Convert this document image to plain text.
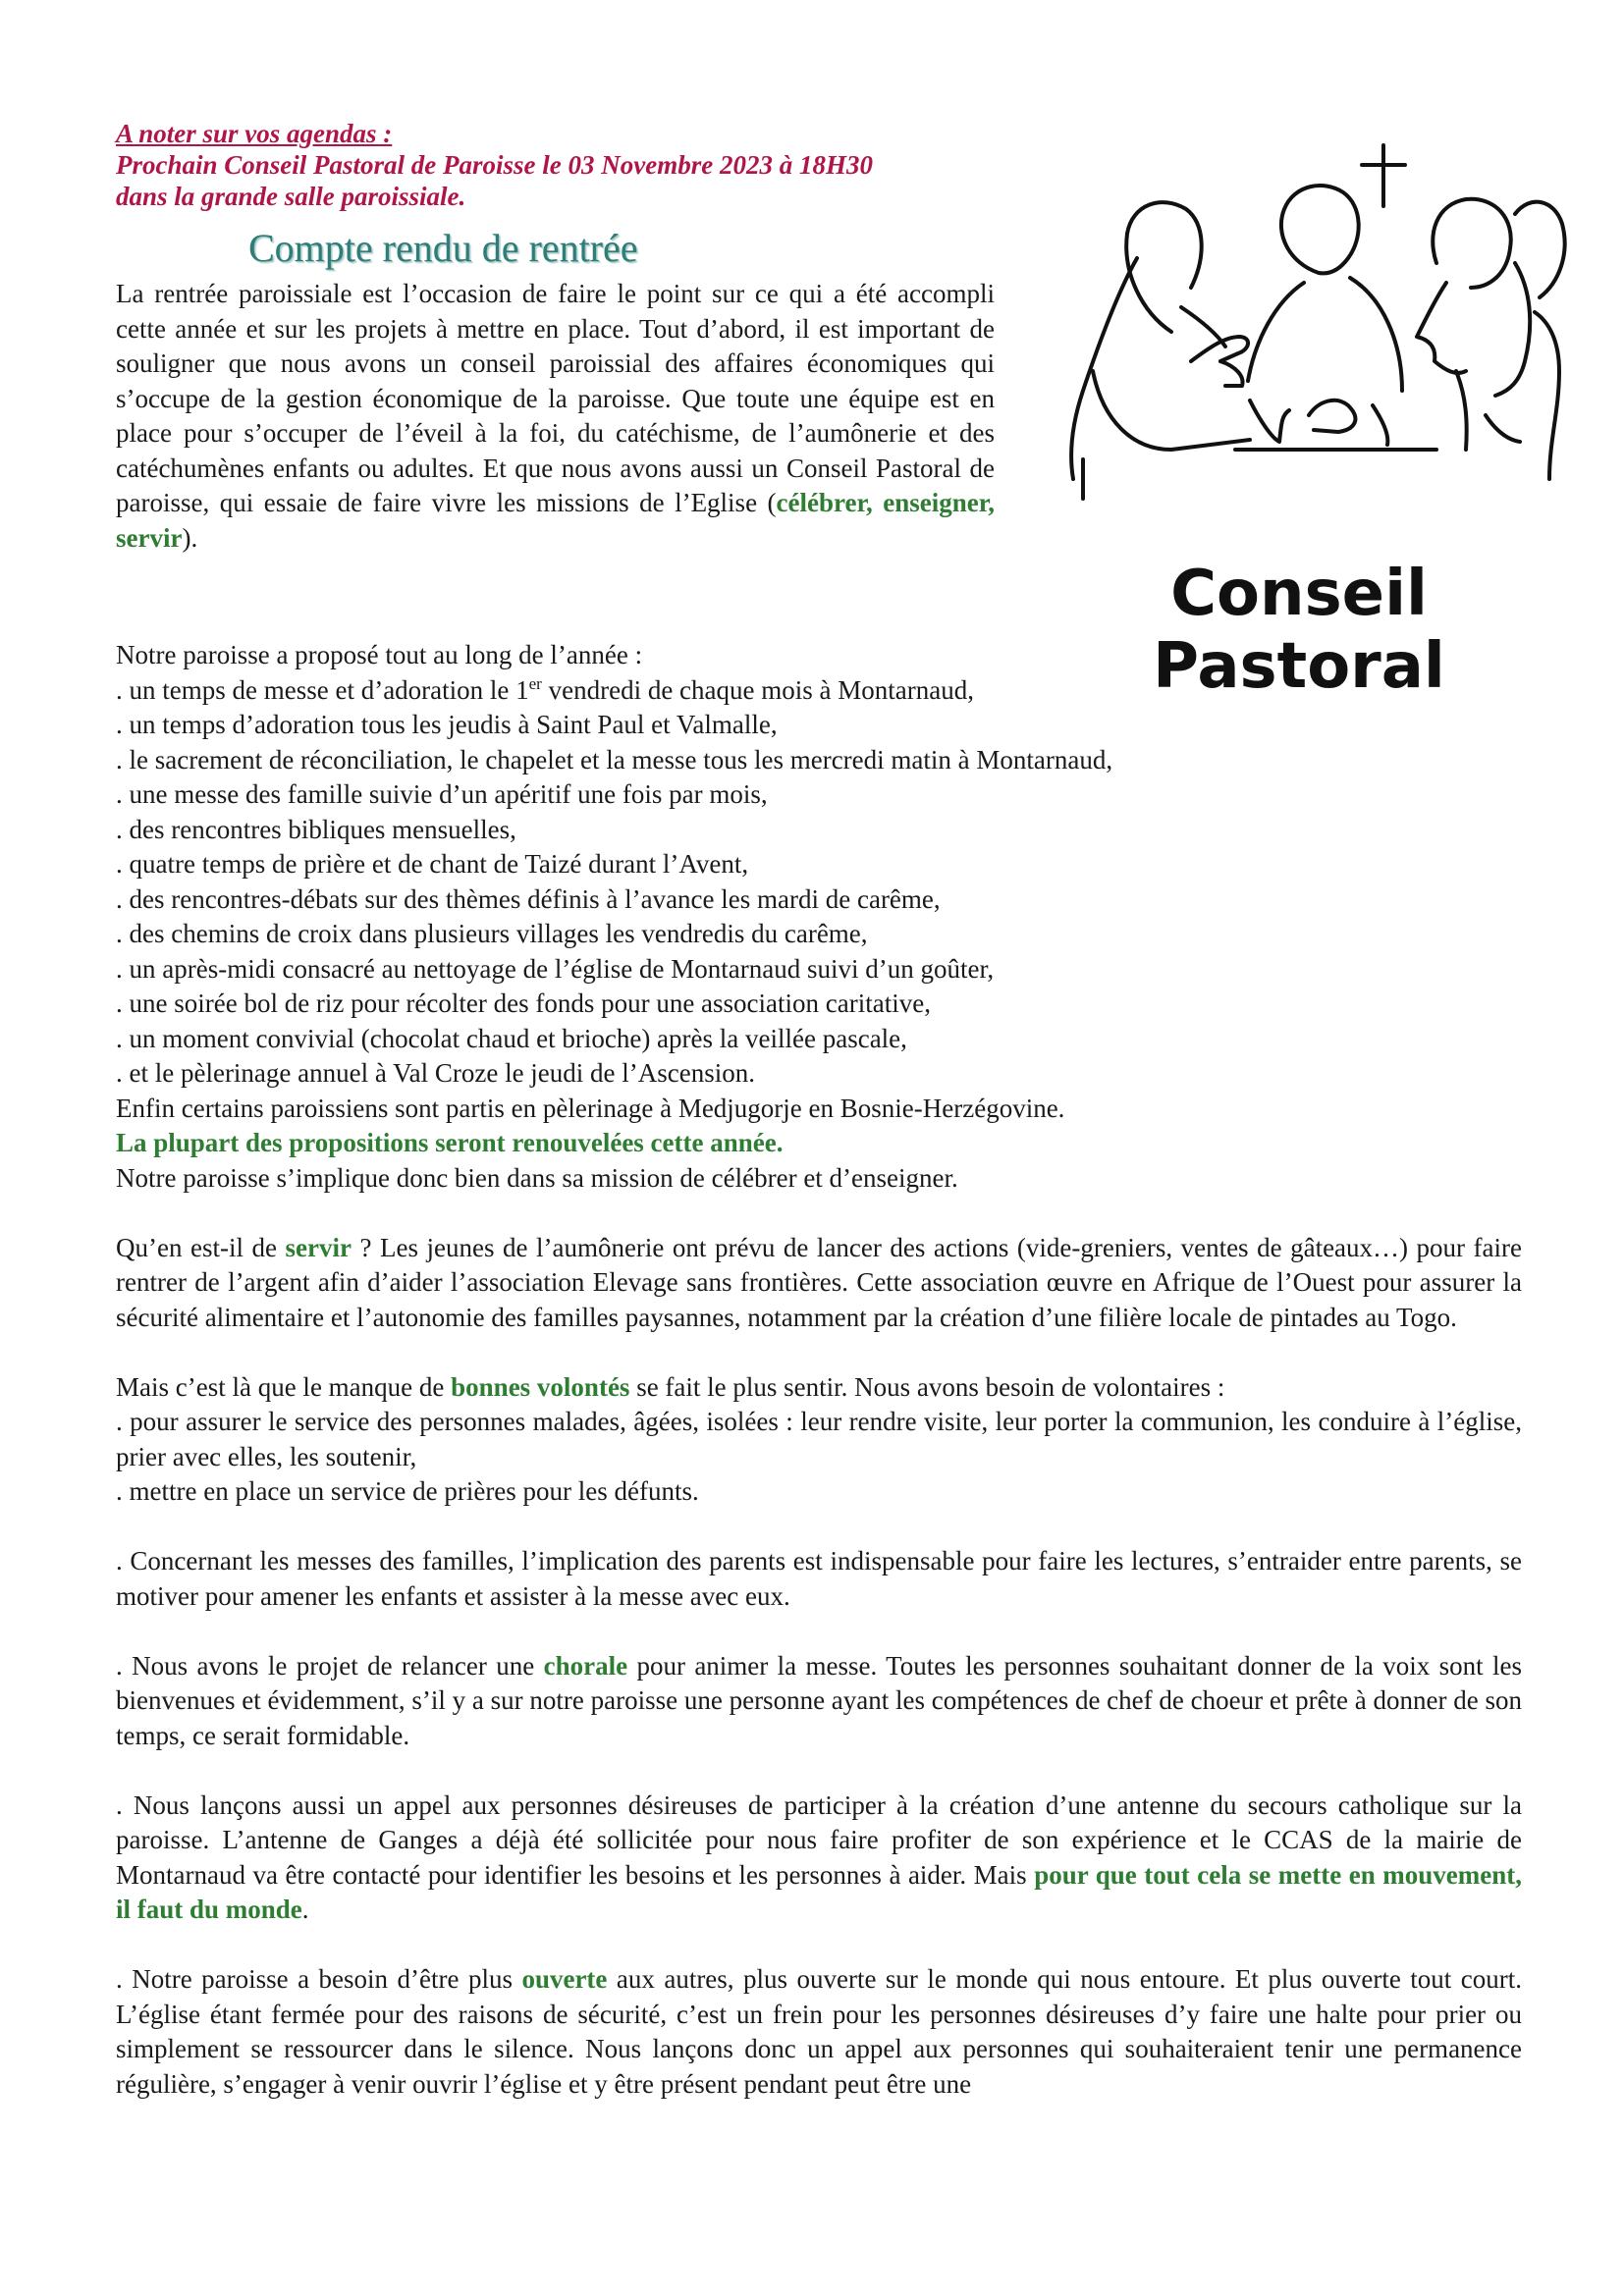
A noter sur vos agendas :
Prochain Conseil Pastoral de Paroisse le 03 Novembre 2023 à 18H30
dans la grande salle paroissiale.
Compte rendu de rentrée

La rentrée paroissiale est l’occasion de faire le point sur ce qui a été accompli cette année et sur les projets à mettre en place. Tout d’abord, il est important de souligner que nous avons un conseil paroissial des affaires économiques qui s’occupe de la gestion économique de la paroisse. Que toute une équipe est en place pour s’occuper de l’éveil à la foi, du catéchisme, de l’aumônerie et des catéchumènes enfants ou adultes. Et que nous avons aussi un Conseil Pastoral de paroisse, qui essaie de faire vivre les missions de l’Eglise (célébrer, enseigner, servir).

Conseil Pastoral
Notre paroisse a proposé tout au long de l’année :
. un temps de messe et d’adoration le 1er vendredi de chaque mois à Montarnaud,
. un temps d’adoration tous les jeudis à Saint Paul et Valmalle,
. le sacrement de réconciliation, le chapelet et la messe tous les mercredi matin à Montarnaud,
. une messe des famille suivie d’un apéritif une fois par mois,
. des rencontres bibliques mensuelles,
. quatre temps de prière et de chant de Taizé durant l’Avent,
. des rencontres-débats sur des thèmes définis à l’avance les mardi de carême,
. des chemins de croix dans plusieurs villages les vendredis du carême,
. un après-midi consacré au nettoyage de l’église de Montarnaud suivi d’un goûter,
. une soirée bol de riz pour récolter des fonds pour une association caritative,
. un moment convivial (chocolat chaud et brioche) après la veillée pascale,
. et le pèlerinage annuel à Val Croze le jeudi de l’Ascension.
Enfin certains paroissiens sont partis en pèlerinage à Medjugorje en Bosnie-Herzégovine.
La plupart des propositions seront renouvelées cette année.
Notre paroisse s’implique donc bien dans sa mission de célébrer et d’enseigner.

Qu’en est-il de servir ? Les jeunes de l’aumônerie ont prévu de lancer des actions (vide-greniers, ventes de gâteaux…) pour faire rentrer de l’argent afin d’aider l’association Elevage sans frontières. Cette association œuvre en Afrique de l’Ouest pour assurer la sécurité alimentaire et l’autonomie des familles paysannes, notamment par la création d’une filière locale de pintades au Togo.

Mais c’est là que le manque de bonnes volontés se fait le plus sentir. Nous avons besoin de volontaires :
. pour assurer le service des personnes malades, âgées, isolées : leur rendre visite, leur porter la communion, les conduire à l’église, prier avec elles, les soutenir,
. mettre en place un service de prières pour les défunts.

. Concernant les messes des familles, l’implication des parents est indispensable pour faire les lectures, s’entraider entre parents, se motiver pour amener les enfants et assister à la messe avec eux.

. Nous avons le projet de relancer une chorale pour animer la messe. Toutes les personnes souhaitant donner de la voix sont les bienvenues et évidemment, s’il y a sur notre paroisse une personne ayant les compétences de chef de choeur et prête à donner de son temps, ce serait formidable.

. Nous lançons aussi un appel aux personnes désireuses de participer à la création d’une antenne du secours catholique sur la paroisse. L’antenne de Ganges a déjà été sollicitée pour nous faire profiter de son expérience et le CCAS de la mairie de Montarnaud va être contacté pour identifier les besoins et les personnes à aider. Mais pour que tout cela se mette en mouvement, il faut du monde.

. Notre paroisse a besoin d’être plus ouverte aux autres, plus ouverte sur le monde qui nous entoure. Et plus ouverte tout court. L’église étant fermée pour des raisons de sécurité, c’est un frein pour les personnes désireuses d’y faire une halte pour prier ou simplement se ressourcer dans le silence. Nous lançons donc un appel aux personnes qui souhaiteraient tenir une permanence régulière, s’engager à venir ouvrir l’église et y être présent pendant peut être une
